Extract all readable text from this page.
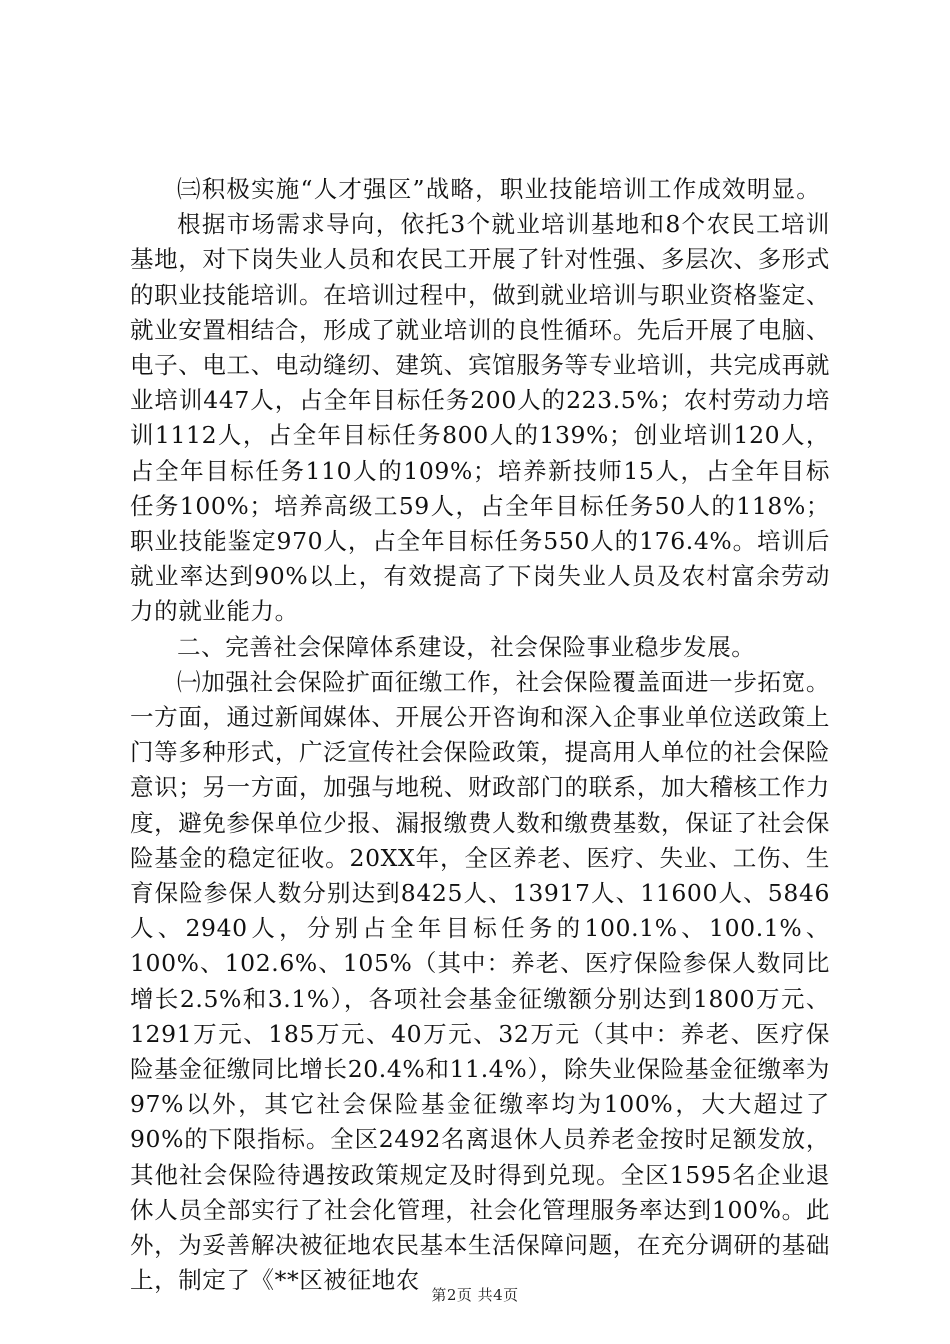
㈢积极实施“人才强区”战略，职业技能培训工作成效明显。

根据市场需求导向，依托3个就业培训基地和8个农民工培训基地，对下岗失业人员和农民工开展了针对性强、多层次、多形式的职业技能培训。在培训过程中，做到就业培训与职业资格鉴定、就业安置相结合，形成了就业培训的良性循环。先后开展了电脑、电子、电工、电动缝纫、建筑、宾馆服务等专业培训，共完成再就业培训447人，占全年目标任务200人的223.5%；农村劳动力培训1112人，占全年目标任务800人的139%；创业培训120人，占全年目标任务110人的109%；培养新技师15人，占全年目标任务100%；培养高级工59人，占全年目标任务50人的118%；职业技能鉴定970人，占全年目标任务550人的176.4%。培训后就业率达到90%以上，有效提高了下岗失业人员及农村富余劳动力的就业能力。

二、完善社会保障体系建设，社会保险事业稳步发展。

㈠加强社会保险扩面征缴工作，社会保险覆盖面进一步拓宽。一方面，通过新闻媒体、开展公开咨询和深入企事业单位送政策上门等多种形式，广泛宣传社会保险政策，提高用人单位的社会保险意识；另一方面，加强与地税、财政部门的联系，加大稽核工作力度，避免参保单位少报、漏报缴费人数和缴费基数，保证了社会保险基金的稳定征收。20XX年，全区养老、医疗、失业、工伤、生育保险参保人数分别达到8425人、13917人、11600人、5846人、2940人，分别占全年目标任务的100.1%、100.1%、100%、102.6%、105%（其中：养老、医疗保险参保人数同比增长2.5%和3.1%），各项社会基金征缴额分别达到1800万元、1291万元、185万元、40万元、32万元（其中：养老、医疗保险基金征缴同比增长20.4%和11.4%），除失业保险基金征缴率为97%以外，其它社会保险基金征缴率均为100%，大大超过了90%的下限指标。全区2492名离退休人员养老金按时足额发放，其他社会保险待遇按政策规定及时得到兑现。全区1595名企业退休人员全部实行了社会化管理，社会化管理服务率达到100%。此外，为妥善解决被征地农民基本生活保障问题，在充分调研的基础上，制定了《**区被征地农

第2页 共4页
